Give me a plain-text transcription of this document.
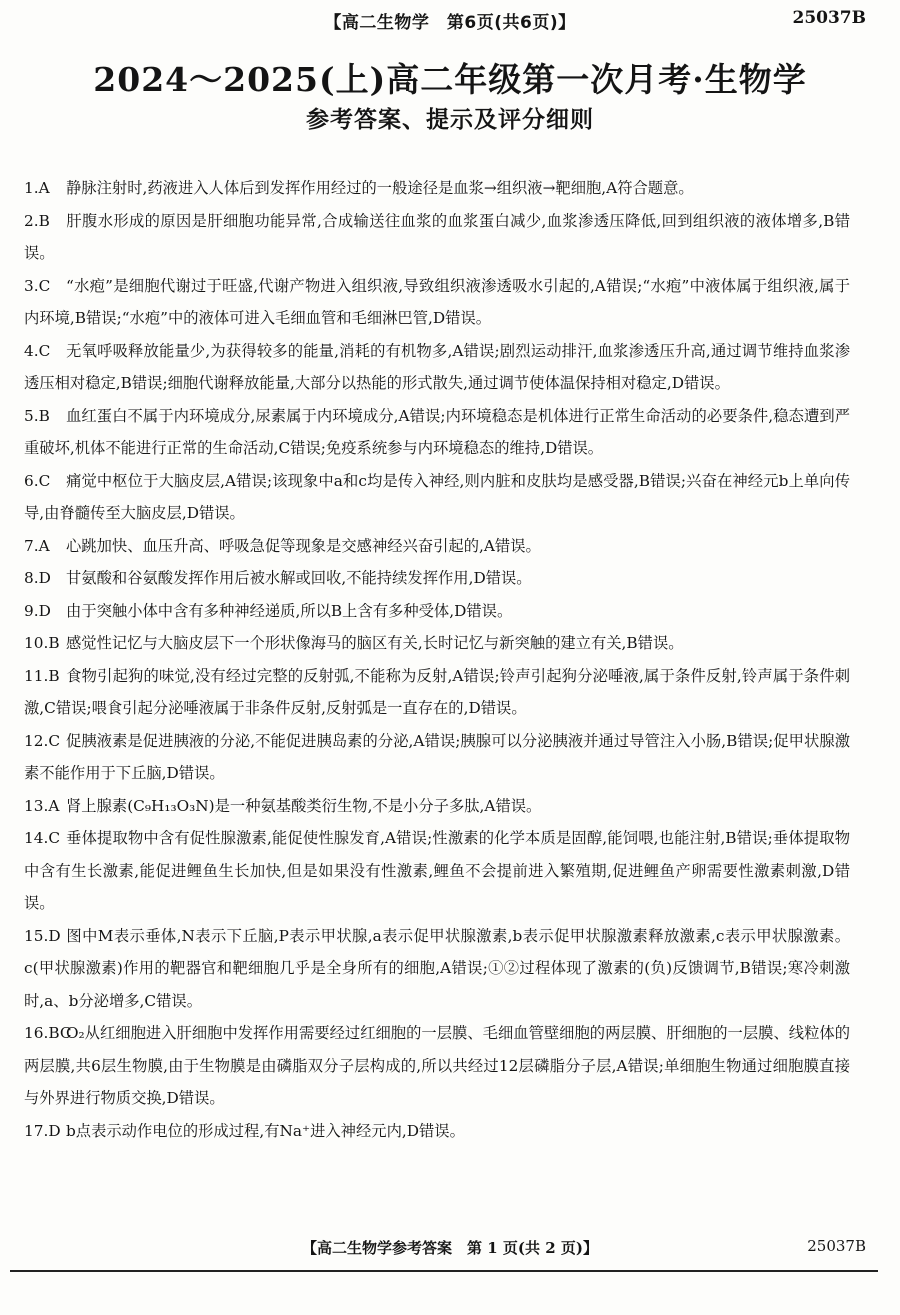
【高二生物学　第6页(共6页)】	25037B
2024～2025(上)高二年级第一次月考·生物学
参考答案、提示及评分细则

1.A 静脉注射时,药液进入人体后到发挥作用经过的一般途径是血浆→组织液→靶细胞,A符合题意。

2.B 肝腹水形成的原因是肝细胞功能异常,合成输送往血浆的血浆蛋白减少,血浆渗透压降低,回到组织液的液体增多,B错误。

3.C “水疱”是细胞代谢过于旺盛,代谢产物进入组织液,导致组织液渗透吸水引起的,A错误;“水疱”中液体属于组织液,属于内环境,B错误;“水疱”中的液体可进入毛细血管和毛细淋巴管,D错误。

4.C 无氧呼吸释放能量少,为获得较多的能量,消耗的有机物多,A错误;剧烈运动排汗,血浆渗透压升高,通过调节维持血浆渗透压相对稳定,B错误;细胞代谢释放能量,大部分以热能的形式散失,通过调节使体温保持相对稳定,D错误。

5.B 血红蛋白不属于内环境成分,尿素属于内环境成分,A错误;内环境稳态是机体进行正常生命活动的必要条件,稳态遭到严重破坏,机体不能进行正常的生命活动,C错误;免疫系统参与内环境稳态的维持,D错误。

6.C 痛觉中枢位于大脑皮层,A错误;该现象中a和c均是传入神经,则内脏和皮肤均是感受器,B错误;兴奋在神经元b上单向传导,由脊髓传至大脑皮层,D错误。

7.A 心跳加快、血压升高、呼吸急促等现象是交感神经兴奋引起的,A错误。

8.D 甘氨酸和谷氨酸发挥作用后被水解或回收,不能持续发挥作用,D错误。

9.D 由于突触小体中含有多种神经递质,所以B上含有多种受体,D错误。

10.B 感觉性记忆与大脑皮层下一个形状像海马的脑区有关,长时记忆与新突触的建立有关,B错误。

11.B 食物引起狗的味觉,没有经过完整的反射弧,不能称为反射,A错误;铃声引起狗分泌唾液,属于条件反射,铃声属于条件刺激,C错误;喂食引起分泌唾液属于非条件反射,反射弧是一直存在的,D错误。

12.C 促胰液素是促进胰液的分泌,不能促进胰岛素的分泌,A错误;胰腺可以分泌胰液并通过导管注入小肠,B错误;促甲状腺激素不能作用于下丘脑,D错误。

13.A 肾上腺素(C₉H₁₃O₃N)是一种氨基酸类衍生物,不是小分子多肽,A错误。

14.C 垂体提取物中含有促性腺激素,能促使性腺发育,A错误;性激素的化学本质是固醇,能饲喂,也能注射,B错误;垂体提取物中含有生长激素,能促进鲤鱼生长加快,但是如果没有性激素,鲤鱼不会提前进入繁殖期,促进鲤鱼产卵需要性激素刺激,D错误。

15.D 图中M表示垂体,N表示下丘脑,P表示甲状腺,a表示促甲状腺激素,b表示促甲状腺激素释放激素,c表示甲状腺激素。c(甲状腺激素)作用的靶器官和靶细胞几乎是全身所有的细胞,A错误;①②过程体现了激素的(负)反馈调节,B错误;寒冷刺激时,a、b分泌增多,C错误。

16.BCO₂从红细胞进入肝细胞中发挥作用需要经过红细胞的一层膜、毛细血管壁细胞的两层膜、肝细胞的一层膜、线粒体的两层膜,共6层生物膜,由于生物膜是由磷脂双分子层构成的,所以共经过12层磷脂分子层,A错误;单细胞生物通过细胞膜直接与外界进行物质交换,D错误。

17.D b点表示动作电位的形成过程,有Na⁺进入神经元内,D错误。

【高二生物学参考答案　第 1 页(共 2 页)】	25037B
